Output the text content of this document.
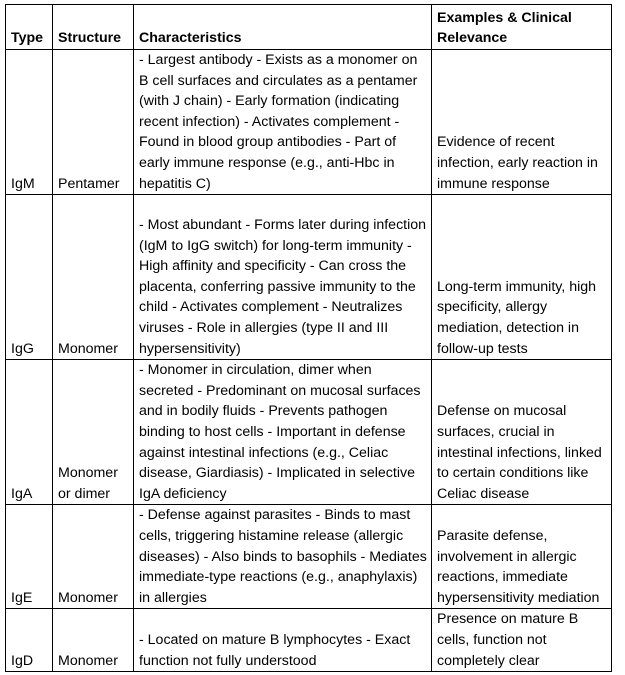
Type	Structure	Characteristics	Examples & Clinical Relevance
IgM	Pentamer	- Largest antibody - Exists as a monomer on B cell surfaces and circulates as a pentamer (with J chain) - Early formation (indicating recent infection) - Activates complement - Found in blood group antibodies - Part of early immune response (e.g., anti-Hbc in hepatitis C)	Evidence of recent infection, early reaction in immune response
IgG	Monomer	- Most abundant - Forms later during infection (IgM to IgG switch) for long-term immunity - High affinity and specificity - Can cross the placenta, conferring passive immunity to the child - Activates complement - Neutralizes viruses - Role in allergies (type II and III hypersensitivity)	Long-term immunity, high specificity, allergy mediation, detection in follow-up tests
IgA	Monomer or dimer	- Monomer in circulation, dimer when secreted - Predominant on mucosal surfaces and in bodily fluids - Prevents pathogen binding to host cells - Important in defense against intestinal infections (e.g., Celiac disease, Giardiasis) - Implicated in selective IgA deficiency	Defense on mucosal surfaces, crucial in intestinal infections, linked to certain conditions like Celiac disease
IgE	Monomer	- Defense against parasites - Binds to mast cells, triggering histamine release (allergic diseases) - Also binds to basophils - Mediates immediate-type reactions (e.g., anaphylaxis) in allergies	Parasite defense, involvement in allergic reactions, immediate hypersensitivity mediation
IgD	Monomer	- Located on mature B lymphocytes - Exact function not fully understood	Presence on mature B cells, function not completely clear
